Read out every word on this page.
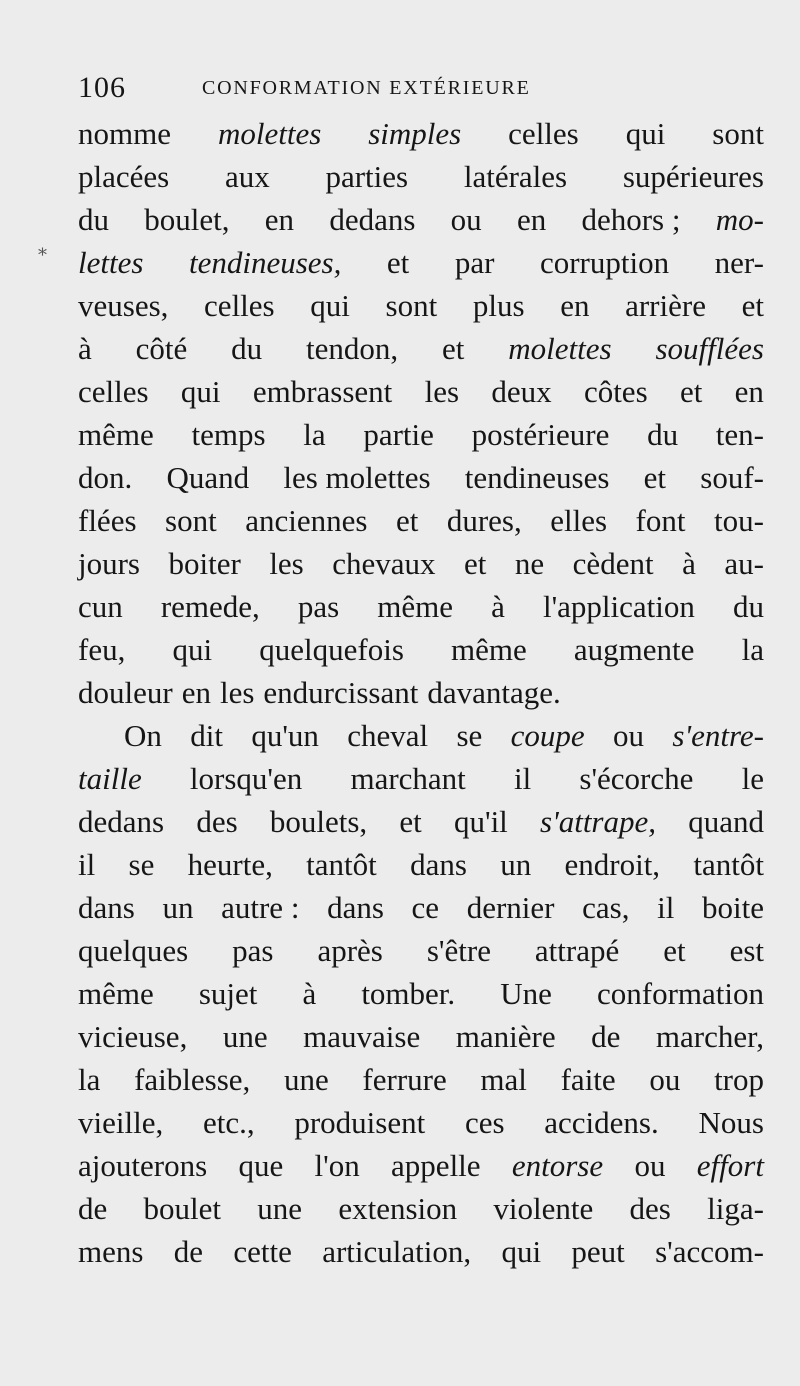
106	CONFORMATION EXTÉRIEURE
*
nomme molettes simples celles qui sont
placées aux parties latérales supérieures
du boulet, en dedans ou en dehors ; mo-
lettes tendineuses, et par corruption ner-
veuses, celles qui sont plus en arrière et
à côté du tendon, et molettes soufflées
celles qui embrassent les deux côtes et en
même temps la partie postérieure du ten-
don. Quand les molettes tendineuses et souf-
flées sont anciennes et dures, elles font tou-
jours boiter les chevaux et ne cèdent à au-
cun remede, pas même à l'application du
feu, qui quelquefois même augmente la
douleur en les endurcissant davantage.
On dit qu'un cheval se coupe ou s'entre-
taille lorsqu'en marchant il s'écorche le
dedans des boulets, et qu'il s'attrape, quand
il se heurte, tantôt dans un endroit, tantôt
dans un autre : dans ce dernier cas, il boite
quelques pas après s'être attrapé et est
même sujet à tomber. Une conformation
vicieuse, une mauvaise manière de marcher,
la faiblesse, une ferrure mal faite ou trop
vieille, etc., produisent ces accidens. Nous
ajouterons que l'on appelle entorse ou effort
de boulet une extension violente des liga-
mens de cette articulation, qui peut s'accom-
